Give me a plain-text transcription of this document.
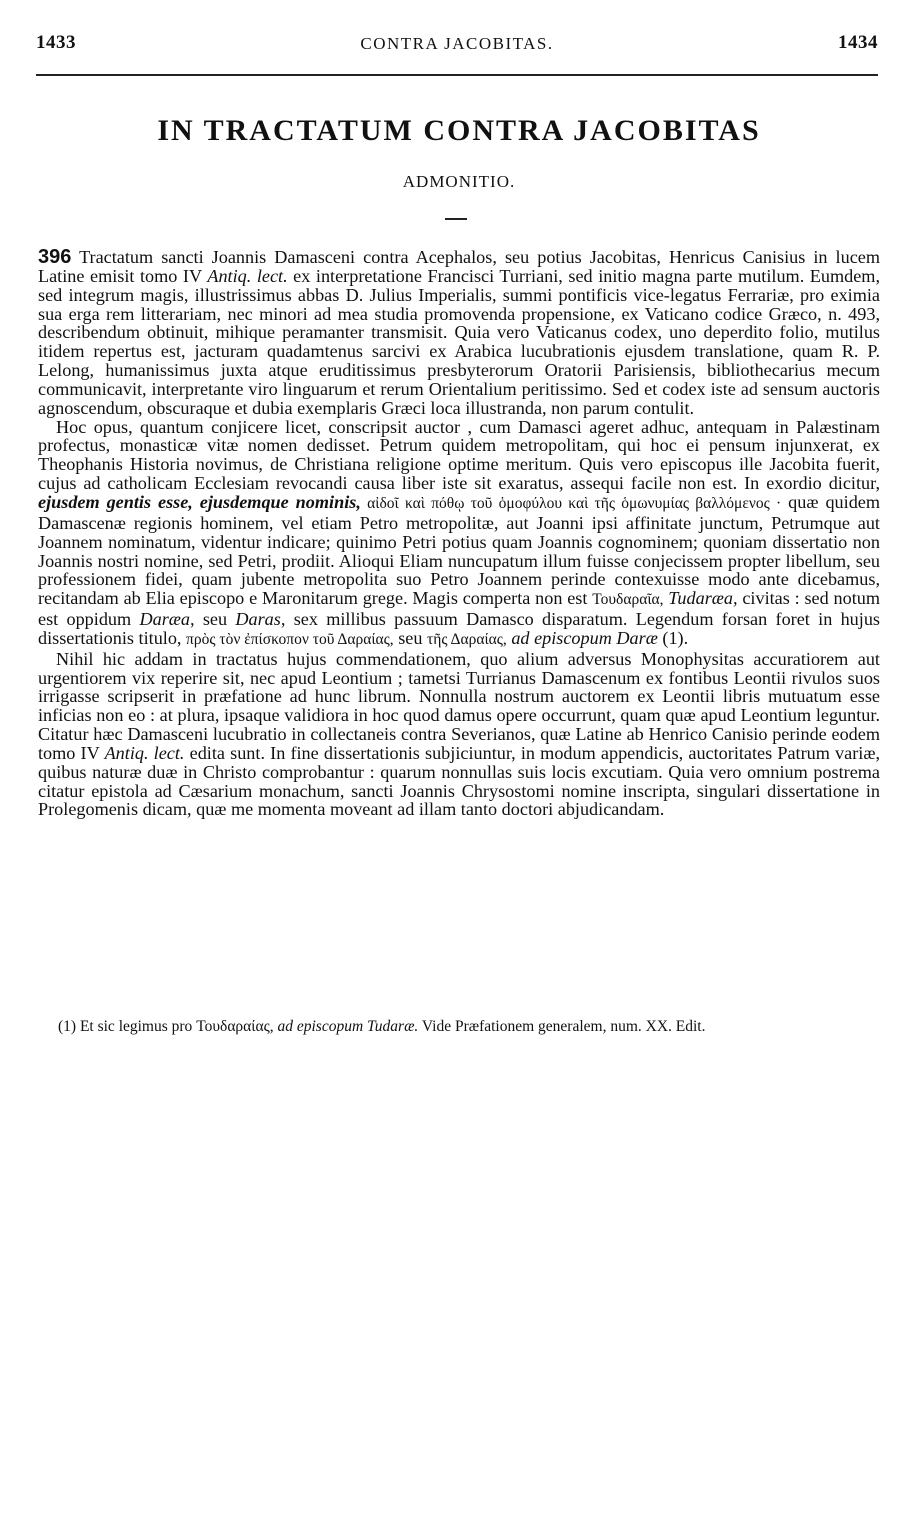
1433	CONTRA JACOBITAS.	1434
IN TRACTATUM CONTRA JACOBITAS
ADMONITIO.

396 Tractatum sancti Joannis Damasceni contra Acephalos, seu potius Jacobitas, Henricus Canisius in lucem Latine emisit tomo IV Antiq. lect. ex interpretatione Francisci Turriani, sed initio magna parte mutilum. Eumdem, sed integrum magis, illustrissimus abbas D. Julius Imperialis, summi pontificis vice-legatus Ferrariæ, pro eximia sua erga rem litterariam, nec minori ad mea studia promovenda propensione, ex Vaticano codice Græco, n. 493, describendum obtinuit, mihique peramanter transmisit. Quia vero Vaticanus codex, uno deperdito folio, mutilus itidem repertus est, jacturam quadamtenus sarcivi ex Arabica lucubrationis ejusdem translatione, quam R. P. Lelong, humanissimus juxta atque eruditissimus presbyterorum Oratorii Parisiensis, bibliothecarius mecum communicavit, interpretante viro linguarum et rerum Orientalium peritissimo. Sed et codex iste ad sensum auctoris agnoscendum, obscuraque et dubia exemplaris Græci loca illustranda, non parum contulit.

Hoc opus, quantum conjicere licet, conscripsit auctor , cum Damasci ageret adhuc, antequam in Palæstinam profectus, monasticæ vitæ nomen dedisset. Petrum quidem metropolitam, qui hoc ei pensum injunxerat, ex Theophanis Historia novimus, de Christiana religione optime meritum. Quis vero episcopus ille Jacobita fuerit, cujus ad catholicam Ecclesiam revocandi causa liber iste sit exaratus, assequi facile non est. In exordio dicitur, ejusdem gentis esse, ejusdemque nominis, αἰδοῖ καὶ πόθῳ τοῦ ὁμοφύλου καὶ τῆς ὁμωνυμίας βαλλόμενος · quæ quidem Damascenæ regionis hominem, vel etiam Petro metropolitæ, aut Joanni ipsi affinitate junctum, Petrumque aut Joannem nominatum, videntur indicare; quinimo Petri potius quam Joannis cognominem; quoniam dissertatio non Joannis nostri nomine, sed Petri, prodiit. Alioqui Eliam nuncupatum illum fuisse conjecissem propter libellum, seu professionem fidei, quam jubente metropolita suo Petro Joannem perinde contexuisse modo ante dicebamus, recitandam ab Elia episcopo e Maronitarum grege. Magis comperta non est Τουδαραῖα, Tudaræa, civitas : sed notum est oppidum Daræa, seu Daras, sex millibus passuum Damasco disparatum. Legendum forsan foret in hujus dissertationis titulo, πρὸς τὸν ἐπίσκοπον τοῦ Δαραίας, seu τῆς Δαραίας, ad episcopum Daræ (1).

Nihil hic addam in tractatus hujus commendationem, quo alium adversus Monophysitas accuratiorem aut urgentiorem vix reperire sit, nec apud Leontium ; tametsi Turrianus Damascenum ex fontibus Leontii rivulos suos irrigasse scripserit in præfatione ad hunc librum. Nonnulla nostrum auctorem ex Leontii libris mutuatum esse inficias non eo : at plura, ipsaque validiora in hoc quod damus opere occurrunt, quam quæ apud Leontium leguntur. Citatur hæc Damasceni lucubratio in collectaneis contra Severianos, quæ Latine ab Henrico Canisio perinde eodem tomo IV Antiq. lect. edita sunt. In fine dissertationis subjiciuntur, in modum appendicis, auctoritates Patrum variæ, quibus naturæ duæ in Christo comprobantur : quarum nonnullas suis locis excutiam. Quia vero omnium postrema citatur epistola ad Cæsarium monachum, sancti Joannis Chrysostomi nomine inscripta, singulari dissertatione in Prolegomenis dicam, quæ me momenta moveant ad illam tanto doctori abjudicandam.

(1) Et sic legimus pro Τουδαραίας, ad episcopum Tudaræ. Vide Præfationem generalem, num. XX. Edit.
